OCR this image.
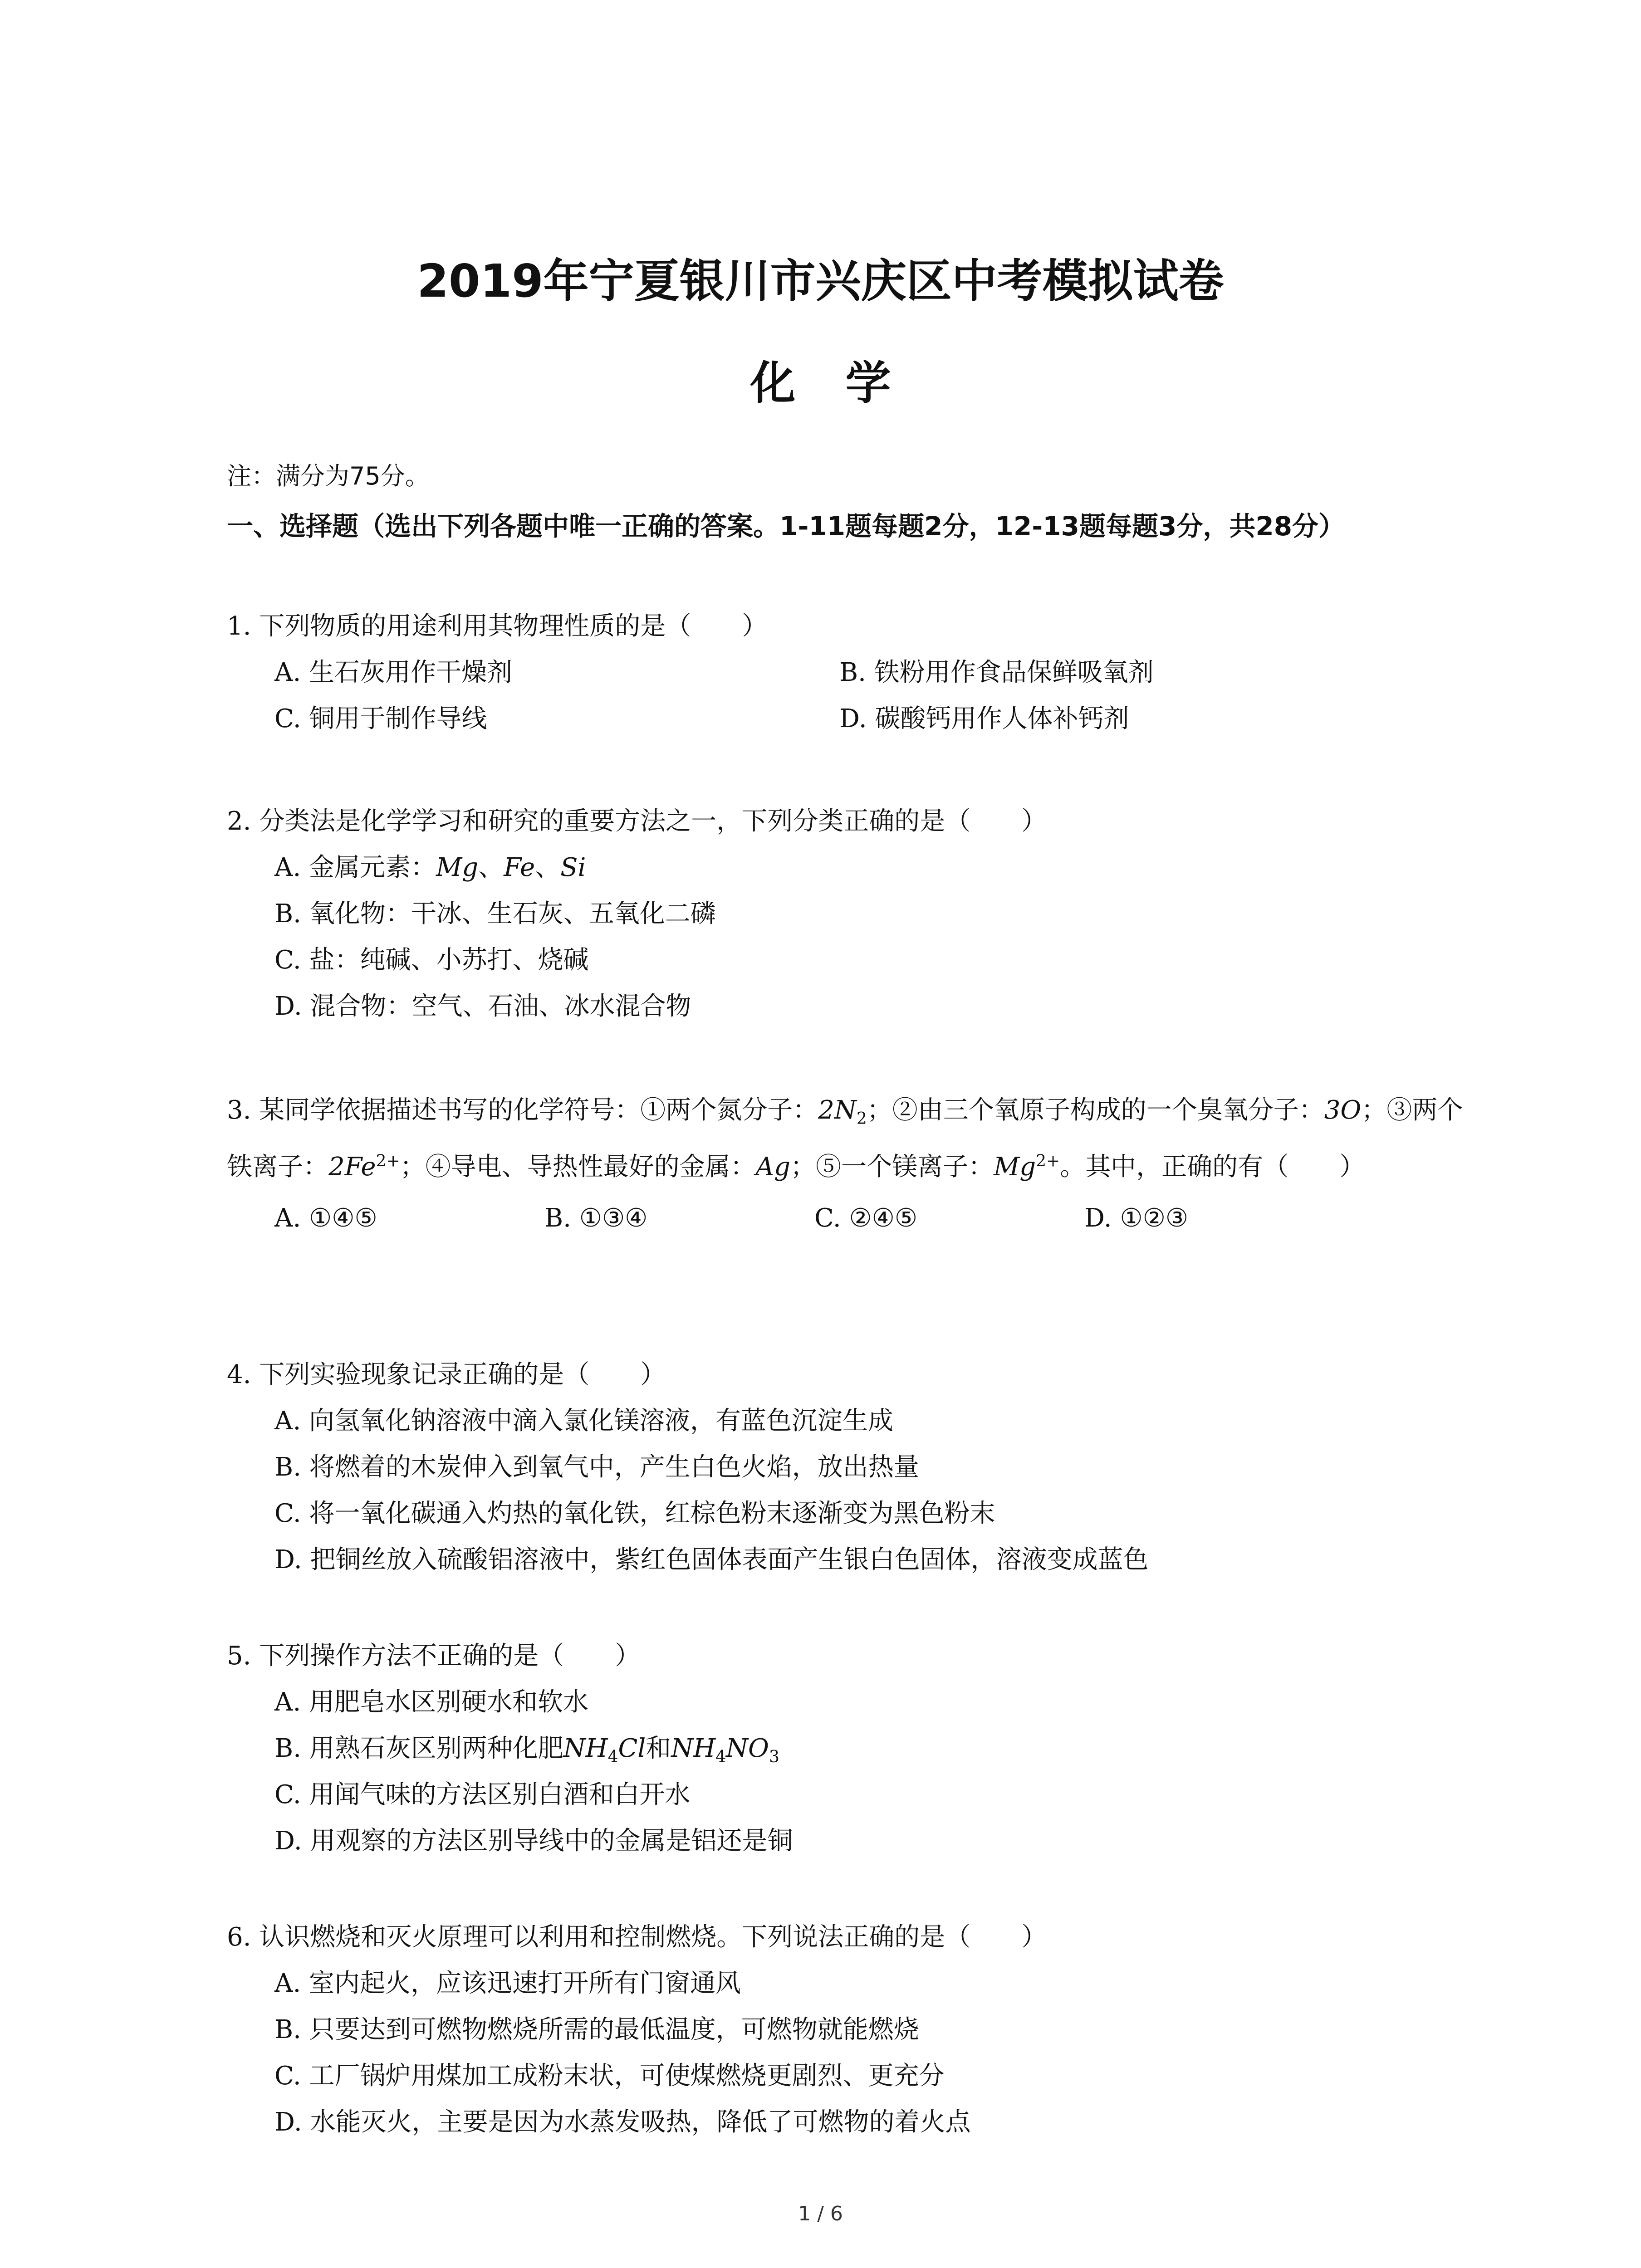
2019年宁夏银川市兴庆区中考模拟试卷
化学
注：满分为75分。
一、选择题（选出下列各题中唯一正确的答案。1-11题每题2分，12-13题每题3分，共28分）
1. 下列物质的用途利用其物理性质的是（　　）
A. 生石灰用作干燥剂	B. 铁粉用作食品保鲜吸氧剂
C. 铜用于制作导线	D. 碳酸钙用作人体补钙剂
2. 分类法是化学学习和研究的重要方法之一，下列分类正确的是（　　）
A. 金属元素：Mg、Fe、Si
B. 氧化物：干冰、生石灰、五氧化二磷
C. 盐：纯碱、小苏打、烧碱
D. 混合物：空气、石油、冰水混合物
3. 某同学依据描述书写的化学符号：①两个氮分子：$2N_2$；②由三个氧原子构成的一个臭氧分子：3O；③两个铁离子：$2Fe^{2+}$；④导电、导热性最好的金属：Ag；⑤一个镁离子：$Mg^{2+}$。其中，正确的有（　　）
A. ①④⑤	B. ①③④	C. ②④⑤	D. ①②③
4. 下列实验现象记录正确的是（　　）
A. 向氢氧化钠溶液中滴入氯化镁溶液，有蓝色沉淀生成
B. 将燃着的木炭伸入到氧气中，产生白色火焰，放出热量
C. 将一氧化碳通入灼热的氧化铁，红棕色粉末逐渐变为黑色粉末
D. 把铜丝放入硫酸铝溶液中，紫红色固体表面产生银白色固体，溶液变成蓝色
5. 下列操作方法不正确的是（　　）
A. 用肥皂水区别硬水和软水
B. 用熟石灰区别两种化肥$NH_4Cl$和$NH_4NO_3$
C. 用闻气味的方法区别白酒和白开水
D. 用观察的方法区别导线中的金属是铝还是铜
6. 认识燃烧和灭火原理可以利用和控制燃烧。下列说法正确的是（　　）
A. 室内起火，应该迅速打开所有门窗通风
B. 只要达到可燃物燃烧所需的最低温度，可燃物就能燃烧
C. 工厂锅炉用煤加工成粉末状，可使煤燃烧更剧烈、更充分
D. 水能灭火，主要是因为水蒸发吸热，降低了可燃物的着火点
1 / 6
